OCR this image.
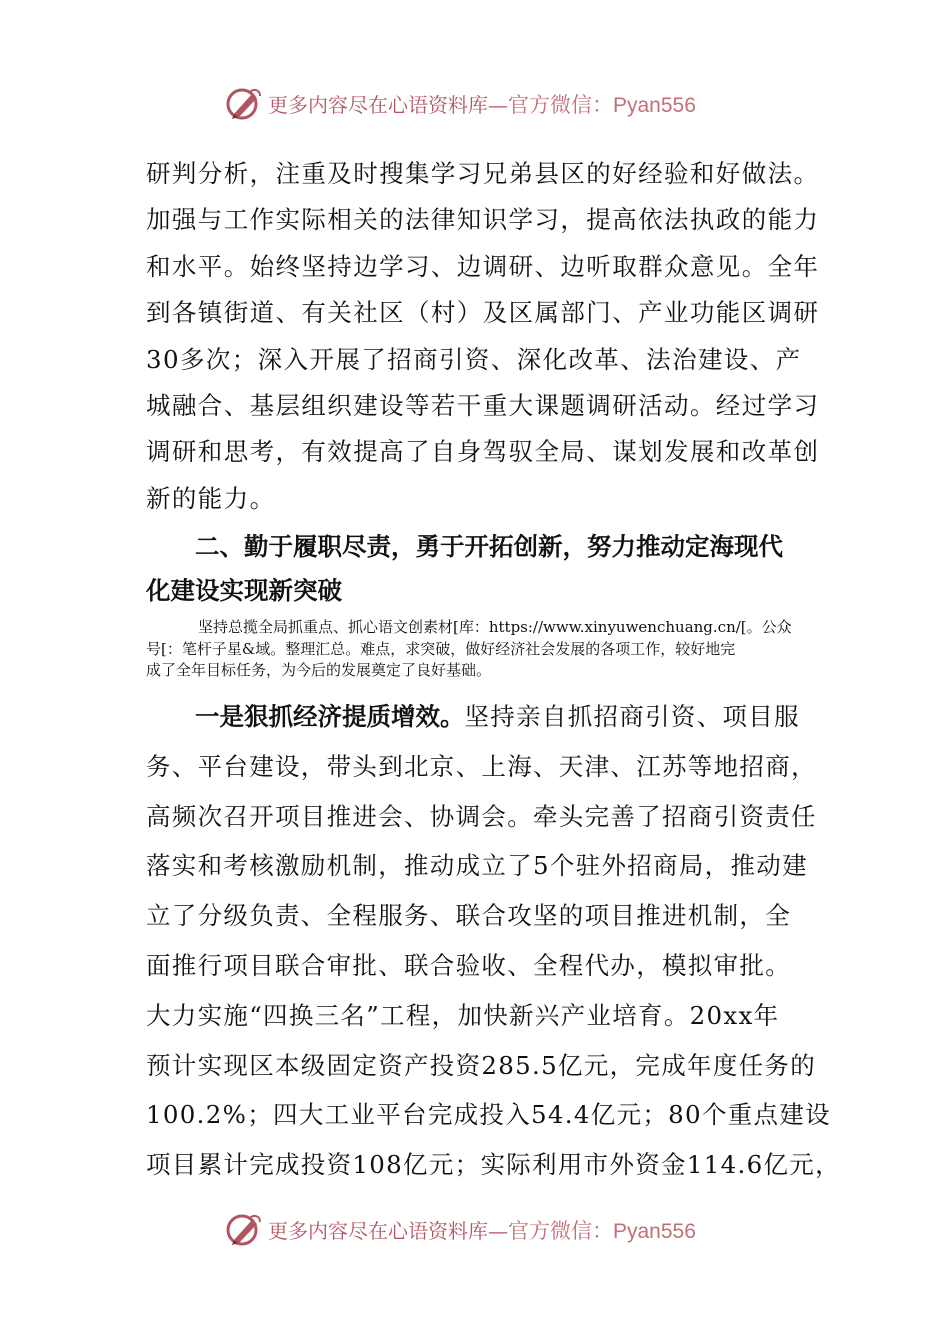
更多内容尽在心语资料库—官方微信：Pyan556
研判分析，注重及时搜集学习兄弟县区的好经验和好做法。
加强与工作实际相关的法律知识学习，提高依法执政的能力
和水平。始终坚持边学习、边调研、边听取群众意见。全年
到各镇街道、有关社区（村）及区属部门、产业功能区调研
30多次；深入开展了招商引资、深化改革、法治建设、产
城融合、基层组织建设等若干重大课题调研活动。经过学习
调研和思考，有效提高了自身驾驭全局、谋划发展和改革创
新的能力。
二、勤于履职尽责，勇于开拓创新，努力推动定海现代
化建设实现新突破
坚持总揽全局抓重点、抓心语文创素材[库：https://www.xinyuwenchuang.cn/[。公众
号[：笔杆子星&域。整理汇总。难点，求突破，做好经济社会发展的各项工作，较好地完
成了全年目标任务，为今后的发展奠定了良好基础。
一是狠抓经济提质增效。坚持亲自抓招商引资、项目服
务、平台建设，带头到北京、上海、天津、江苏等地招商，
高频次召开项目推进会、协调会。牵头完善了招商引资责任
落实和考核激励机制，推动成立了5个驻外招商局，推动建
立了分级负责、全程服务、联合攻坚的项目推进机制，全
面推行项目联合审批、联合验收、全程代办，模拟审批。
大力实施“四换三名”工程，加快新兴产业培育。20xx年
预计实现区本级固定资产投资285.5亿元，完成年度任务的
100.2%；四大工业平台完成投入54.4亿元；80个重点建设
项目累计完成投资108亿元；实际利用市外资金114.6亿元，
更多内容尽在心语资料库—官方微信：Pyan556
